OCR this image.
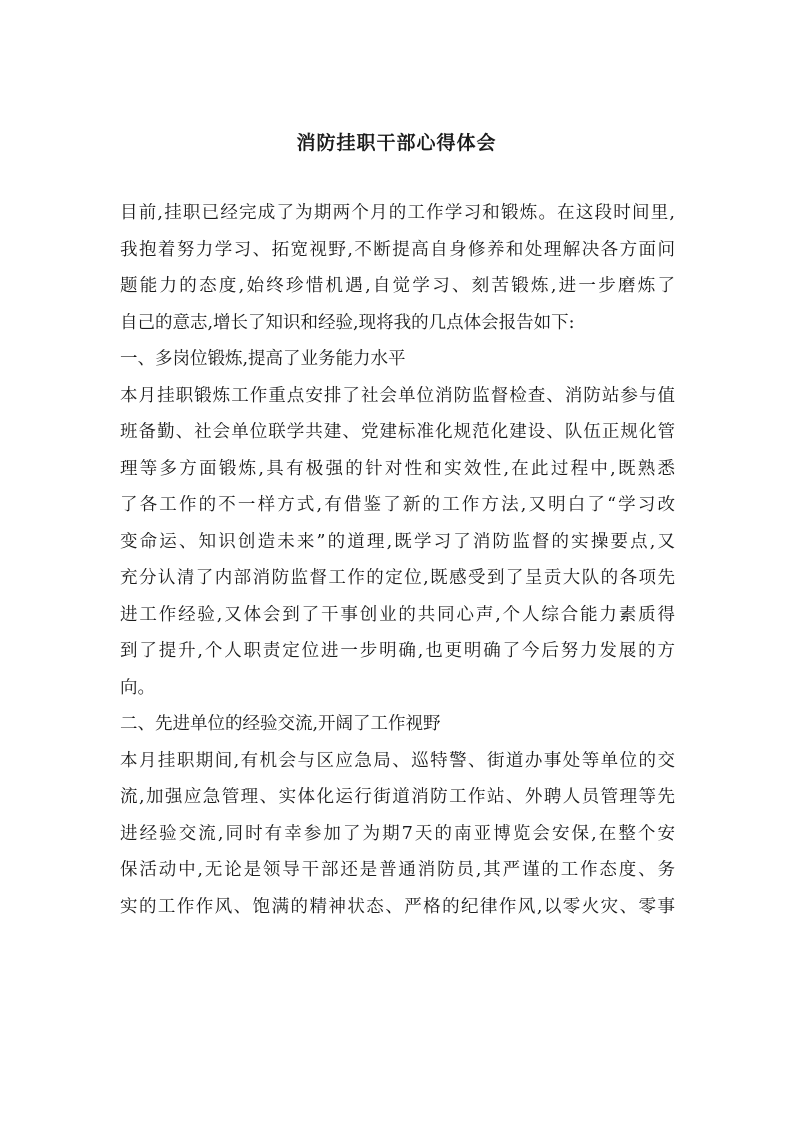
消防挂职干部心得体会
目前,挂职已经完成了为期两个月的工作学习和锻炼。在这段时间里,
我抱着努力学习、拓宽视野,不断提高自身修养和处理解决各方面问
题能力的态度,始终珍惜机遇,自觉学习、刻苦锻炼,进一步磨炼了
自己的意志,增长了知识和经验,现将我的几点体会报告如下:
一、多岗位锻炼,提高了业务能力水平
本月挂职锻炼工作重点安排了社会单位消防监督检查、消防站参与值
班备勤、社会单位联学共建、党建标准化规范化建设、队伍正规化管
理等多方面锻炼,具有极强的针对性和实效性,在此过程中,既熟悉
了各工作的不一样方式,有借鉴了新的工作方法,又明白了“学习改
变命运、知识创造未来”的道理,既学习了消防监督的实操要点,又
充分认清了内部消防监督工作的定位,既感受到了呈贡大队的各项先
进工作经验,又体会到了干事创业的共同心声,个人综合能力素质得
到了提升,个人职责定位进一步明确,也更明确了今后努力发展的方
向。
二、先进单位的经验交流,开阔了工作视野
本月挂职期间,有机会与区应急局、巡特警、街道办事处等单位的交
流,加强应急管理、实体化运行街道消防工作站、外聘人员管理等先
进经验交流,同时有幸参加了为期7天的南亚博览会安保,在整个安
保活动中,无论是领导干部还是普通消防员,其严谨的工作态度、务
实的工作作风、饱满的精神状态、严格的纪律作风,以零火灾、零事
